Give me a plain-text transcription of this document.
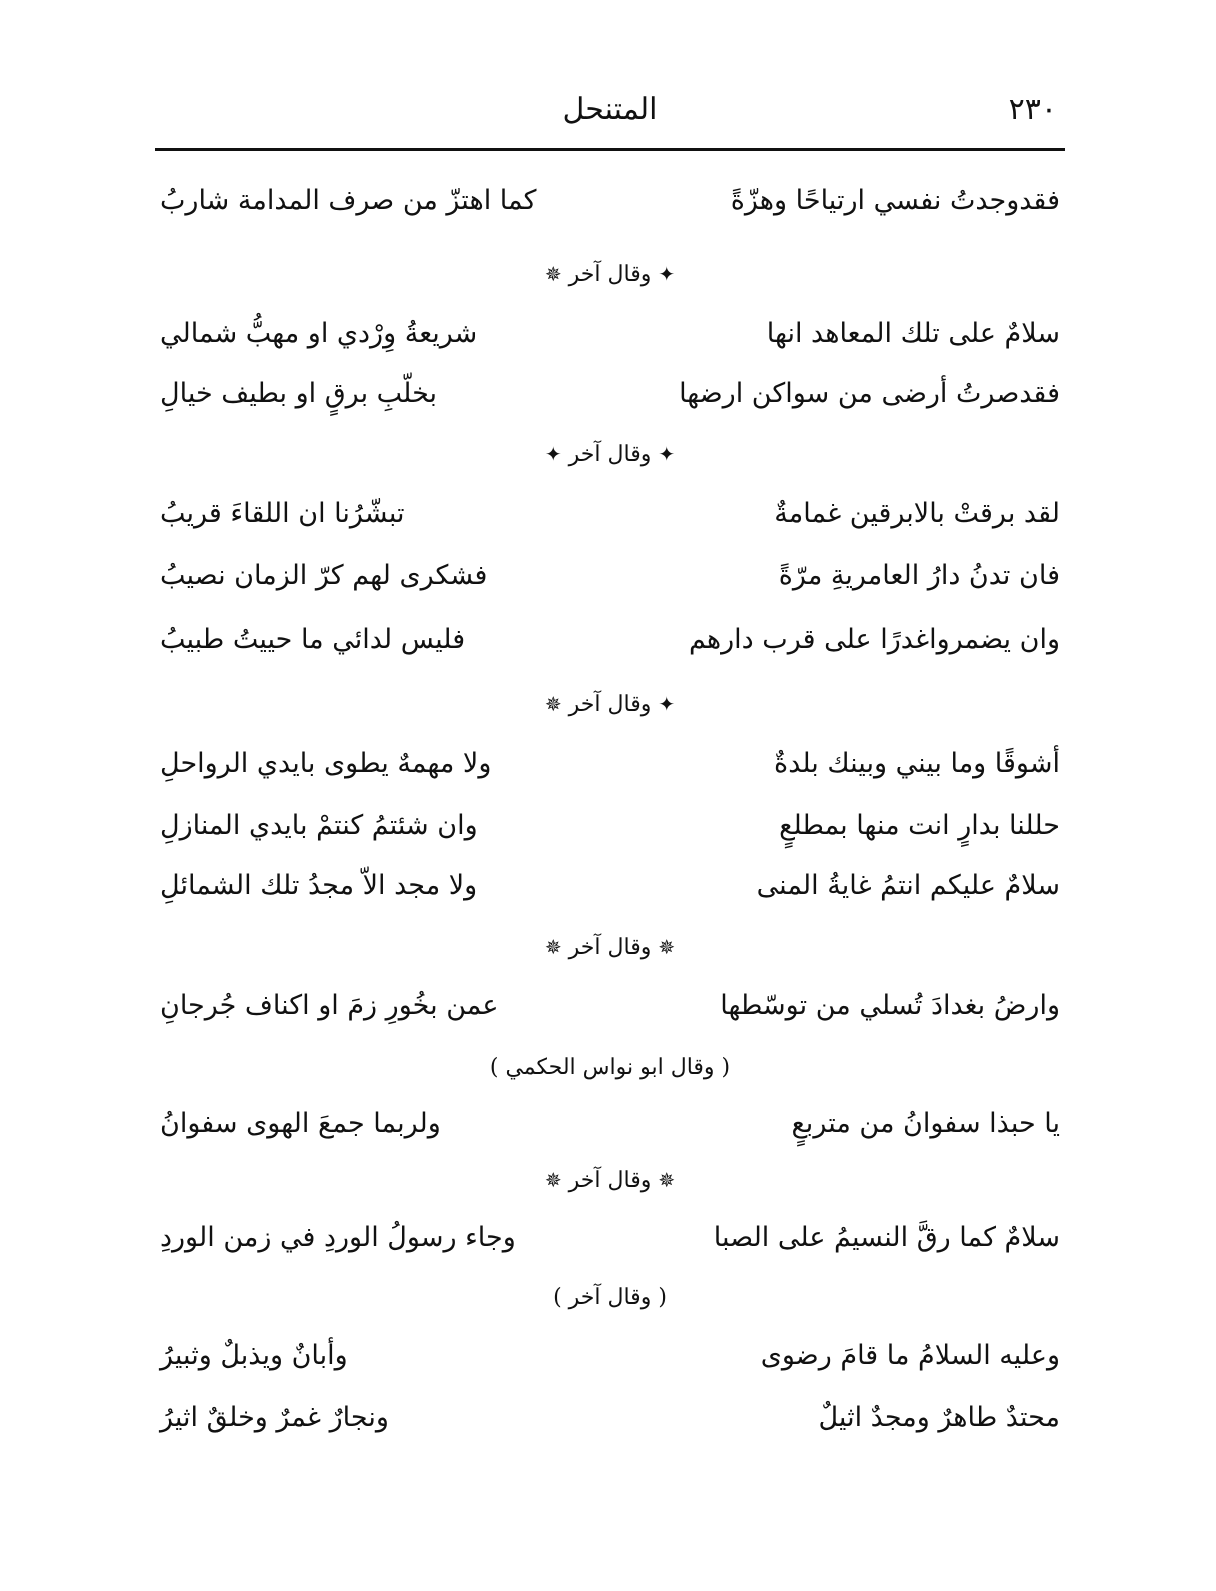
٢٣٠
المتنحل
فقدوجدتُ نفسي ارتياحًا وهزّةً
كما اهتزّ من صرف المدامة شاربُ
✦ وقال آخر ✵
سلامٌ على تلك المعاهد انها
شريعةُ وِرْدي او مهبُّ شمالي
فقدصرتُ أرضى من سواكن ارضها
بخلّبِ برقٍ او بطيف خيالِ
✦ وقال آخر ✦
لقد برقتْ بالابرقين غمامةٌ
تبشّرُنا ان اللقاءَ قريبُ
فان تدنُ دارُ العامريةِ مرّةً
فشكرى لهم كرّ الزمان نصيبُ
وان يضمرواغدرًا على قرب دارهم
فليس لدائي ما حييتُ طبيبُ
✦ وقال آخر ✵
أشوقًا وما بيني وبينك بلدةٌ
ولا مهمهٌ يطوى بايدي الرواحلِ
حللنا بدارٍ انت منها بمطلعٍ
وان شئتمُ كنتمْ بايدي المنازلِ
سلامٌ عليكم انتمُ غايةُ المنى
ولا مجد الاّ مجدُ تلك الشمائلِ
✵ وقال آخر ✵
وارضُ بغدادَ تُسلي من توسّطها
عمن بخُورِ زمَ او اكناف جُرجانِ
( وقال ابو نواس الحكمي )
يا حبذا سفوانُ من متربعٍ
ولربما جمعَ الهوى سفوانُ
✵ وقال آخر ✵
سلامٌ كما رقَّ النسيمُ على الصبا
وجاء رسولُ الوردِ في زمن الوردِ
( وقال آخر )
وعليه السلامُ ما قامَ رضوى
وأبانٌ ويذبلٌ وثبيرُ
محتدٌ طاهرٌ ومجدٌ اثيلٌ
ونجارٌ غمرٌ وخلقٌ اثيرُ
